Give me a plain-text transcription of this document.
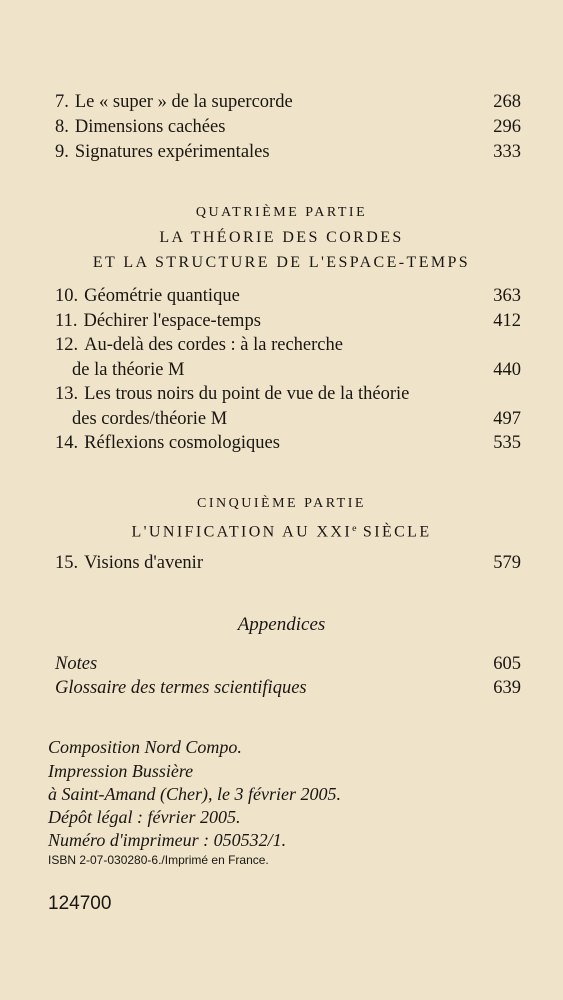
7. Le « super » de la supercorde	268
8. Dimensions cachées	296
9. Signatures expérimentales	333
QUATRIÈME PARTIE
LA THÉORIE DES CORDES
ET LA STRUCTURE DE L'ESPACE-TEMPS
10. Géométrie quantique	363
11. Déchirer l'espace-temps	412
12. Au-delà des cordes : à la recherche
de la théorie M	440
13. Les trous noirs du point de vue de la théorie
des cordes/théorie M	497
14. Réflexions cosmologiques	535
CINQUIÈME PARTIE
L'UNIFICATION AU XXIe SIÈCLE
15. Visions d'avenir	579
Appendices
Notes	605
Glossaire des termes scientifiques	639
Composition Nord Compo.
Impression Bussière
à Saint-Amand (Cher), le 3 février 2005.
Dépôt légal : février 2005.
Numéro d'imprimeur : 050532/1.
ISBN 2-07-030280-6./Imprimé en France.
124700
